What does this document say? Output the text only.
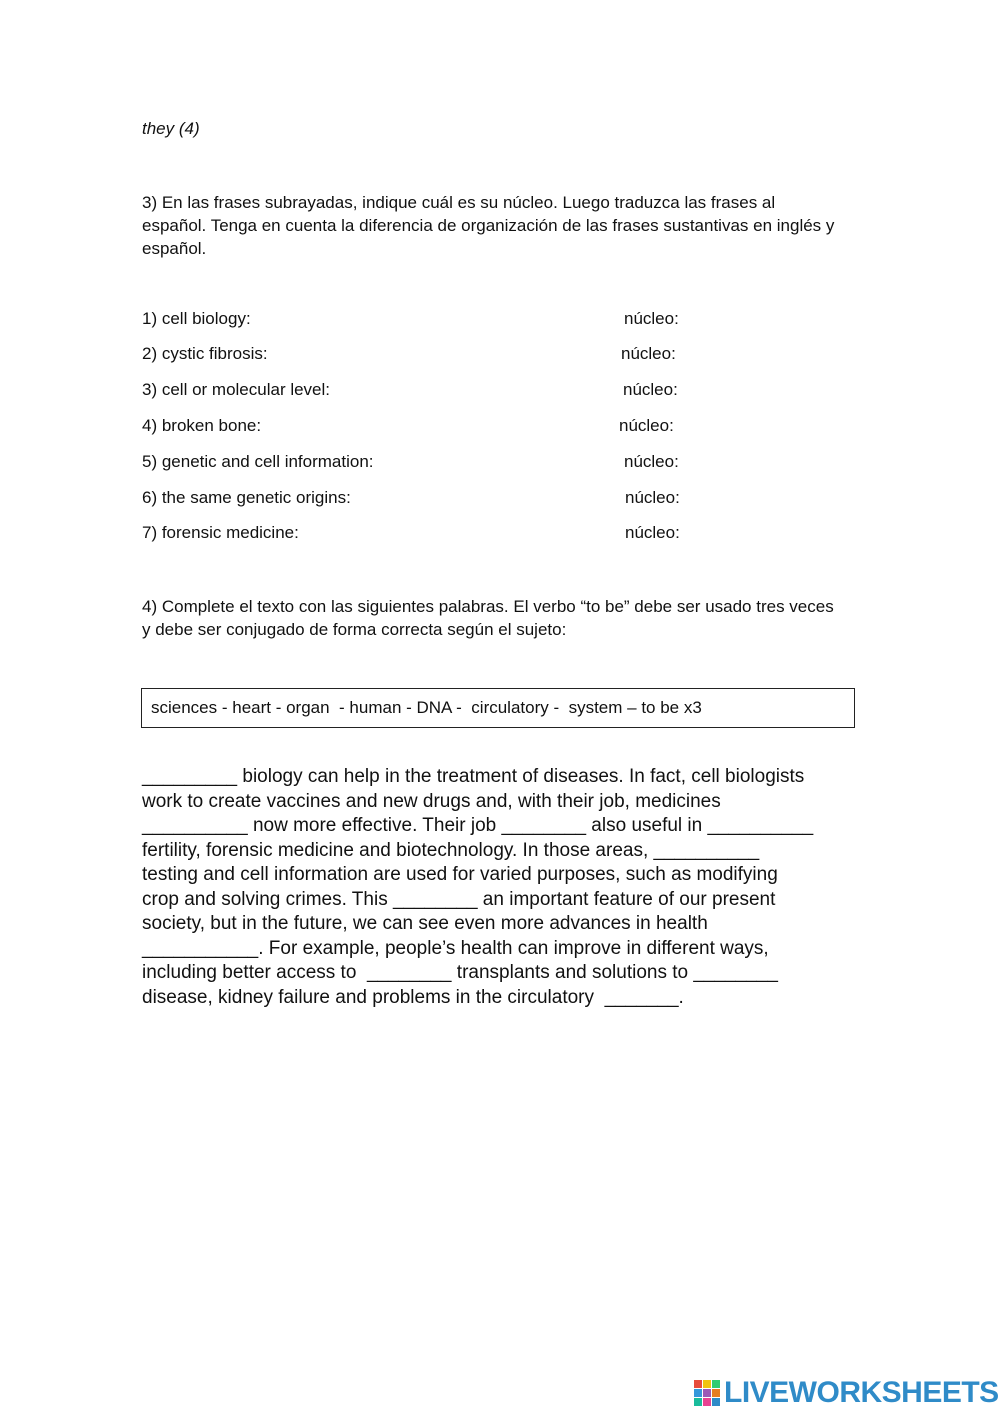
they (4)
3) En las frases subrayadas, indique cuál es su núcleo. Luego traduzca las frases al español. Tenga en cuenta la diferencia de organización de las frases sustantivas en inglés y español.
1) cell biology:	núcleo:
2) cystic fibrosis:	núcleo:
3) cell or molecular level:	núcleo:
4) broken bone:	núcleo:
5) genetic and cell information:	núcleo:
6) the same genetic origins:	núcleo:
7) forensic medicine:	núcleo:
4) Complete el texto con las siguientes palabras. El verbo “to be” debe ser usado tres veces y debe ser conjugado de forma correcta según el sujeto:
sciences - heart - organ  - human - DNA -  circulatory -  system – to be x3
_________ biology can help in the treatment of diseases. In fact, cell biologists
work to create vaccines and new drugs and, with their job, medicines
__________ now more effective. Their job ________ also useful in __________
fertility, forensic medicine and biotechnology. In those areas, __________
testing and cell information are used for varied purposes, such as modifying
crop and solving crimes. This ________ an important feature of our present
society, but in the future, we can see even more advances in health
___________. For example, people’s health can improve in different ways,
including better access to  ________ transplants and solutions to ________
disease, kidney failure and problems in the circulatory  _______.
LIVEWORKSHEETS
